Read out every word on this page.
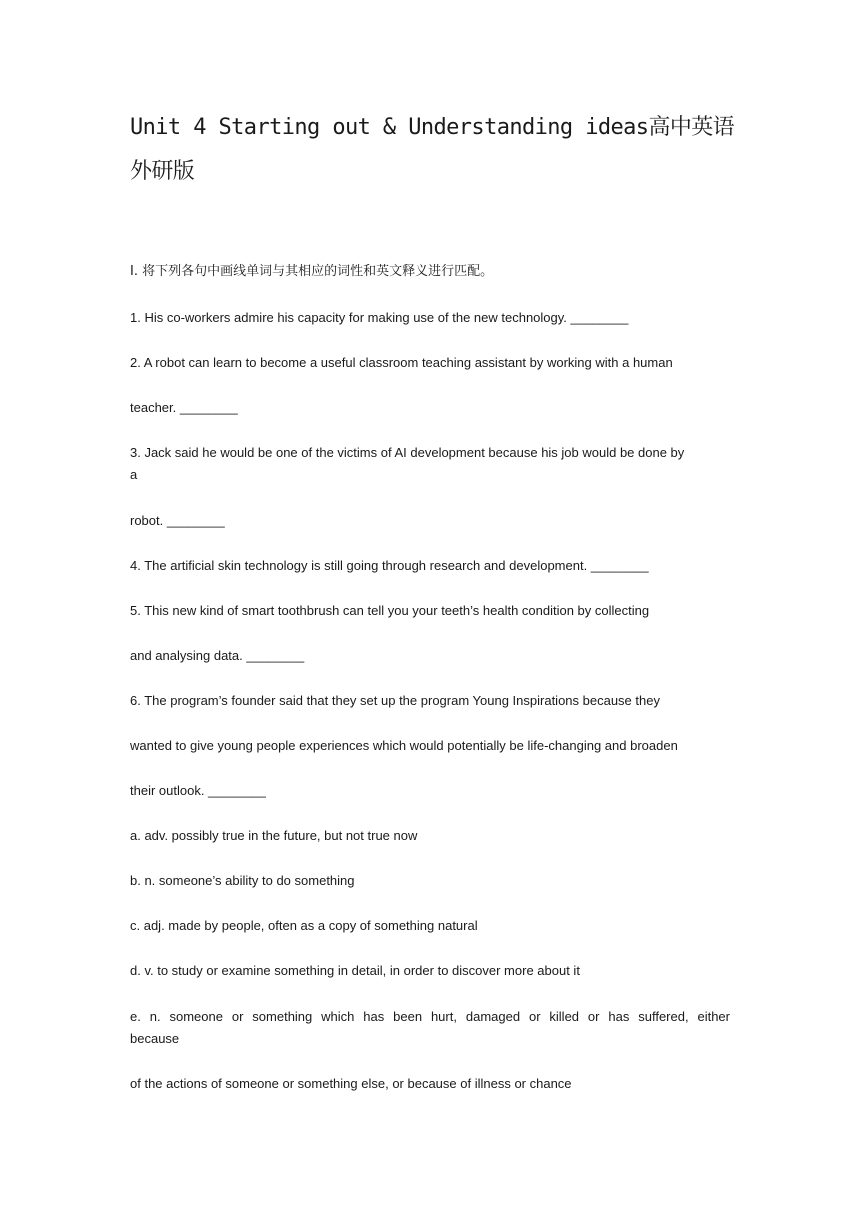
Unit 4 Starting out & Understanding ideas高中英语外研版

I. 将下列各句中画线单词与其相应的词性和英文释义进行匹配。

1. His co-workers admire his capacity for making use of the new technology. ________

2. A robot can learn to become a useful classroom teaching assistant by working with a human

teacher. ________

3. Jack said he would be one of the victims of AI development because his job would be done by

a

robot. ________

4. The artificial skin technology is still going through research and development. ________

5. This new kind of smart toothbrush can tell you your teeth’s health condition by collecting

and analysing data. ________

6. The program’s founder said that they set up the program Young Inspirations because they

wanted to give young people experiences which would potentially be life-changing and broaden

their outlook. ________

a. adv. possibly true in the future, but not true now

b. n. someone’s ability to do something

c. adj. made by people, often as a copy of something natural

d. v. to study or examine something in detail, in order to discover more about it

e. n. someone or something which has been hurt, damaged or killed or has suffered, either

because

of the actions of someone or something else, or because of illness or chance
